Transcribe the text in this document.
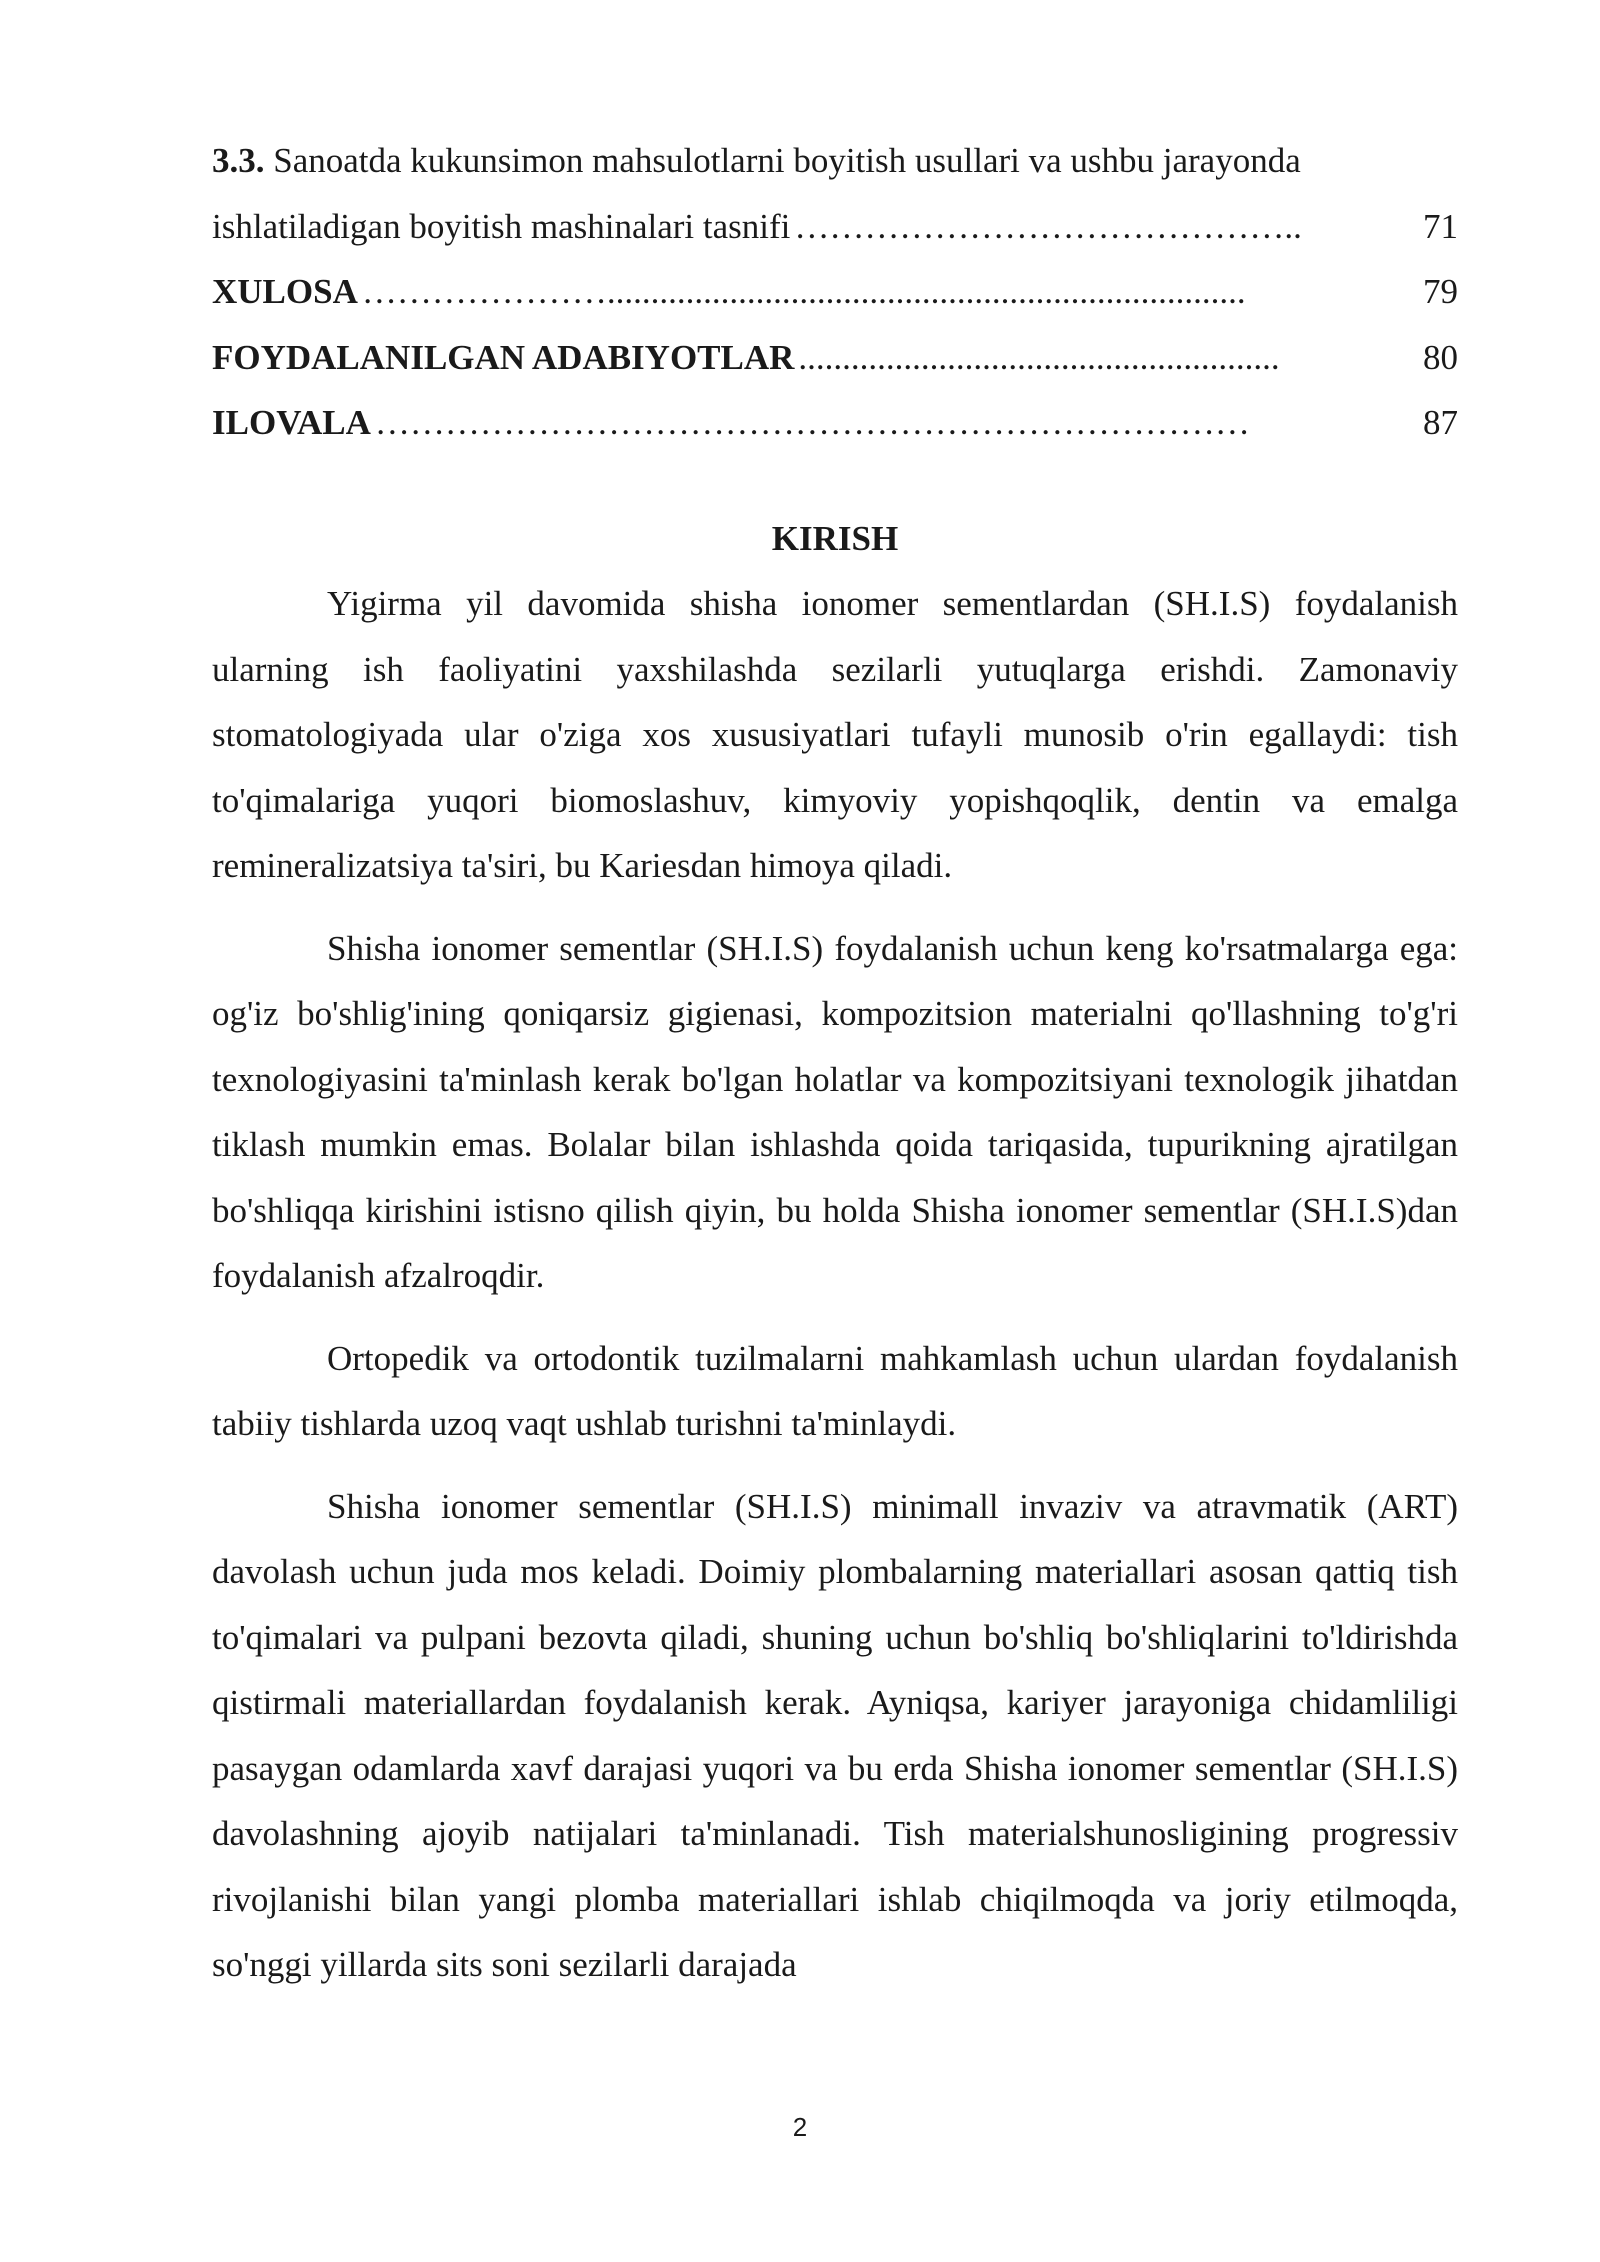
3.3. Sanoatda kukunsimon mahsulotlarni boyitish usullari va ushbu jarayonda
ishlatiladigan boyitish mashinalari tasnifi ……………………………………..	71
XULOSA ………………….........................................................................	79
FOYDALANILGAN ADABIYOTLAR .......................................................	80
ILOVALA …………………………………………………………………	87
KIRISH

Yigirma yil davomida shisha ionomer sementlardan (SH.I.S) foydalanish ularning ish faoliyatini yaxshilashda sezilarli yutuqlarga erishdi. Zamonaviy stomatologiyada ular o'ziga xos xususiyatlari tufayli munosib o'rin egallaydi: tish to'qimalariga yuqori biomoslashuv, kimyoviy yopishqoqlik, dentin va emalga remineralizatsiya ta'siri, bu Kariesdan himoya qiladi.

Shisha ionomer sementlar (SH.I.S) foydalanish uchun keng ko'rsatmalarga ega: og'iz bo'shlig'ining qoniqarsiz gigienasi, kompozitsion materialni qo'llashning to'g'ri texnologiyasini ta'minlash kerak bo'lgan holatlar va kompozitsiyani texnologik jihatdan tiklash mumkin emas. Bolalar bilan ishlashda qoida tariqasida, tupurikning ajratilgan bo'shliqqa kirishini istisno qilish qiyin, bu holda Shisha ionomer sementlar (SH.I.S)dan foydalanish afzalroqdir.

Ortopedik va ortodontik tuzilmalarni mahkamlash uchun ulardan foydalanish tabiiy tishlarda uzoq vaqt ushlab turishni ta'minlaydi.

Shisha ionomer sementlar (SH.I.S) minimall invaziv va atravmatik (ART) davolash uchun juda mos keladi. Doimiy plombalarning materiallari asosan qattiq tish to'qimalari va pulpani bezovta qiladi, shuning uchun bo'shliq bo'shliqlarini to'ldirishda qistirmali materiallardan foydalanish kerak. Ayniqsa, kariyer jarayoniga chidamliligi pasaygan odamlarda xavf darajasi yuqori va bu erda Shisha ionomer sementlar (SH.I.S) davolashning ajoyib natijalari ta'minlanadi. Tish materialshunosligining progressiv rivojlanishi bilan yangi plomba materiallari ishlab chiqilmoqda va joriy etilmoqda, so'nggi yillarda sits soni sezilarli darajada

2
